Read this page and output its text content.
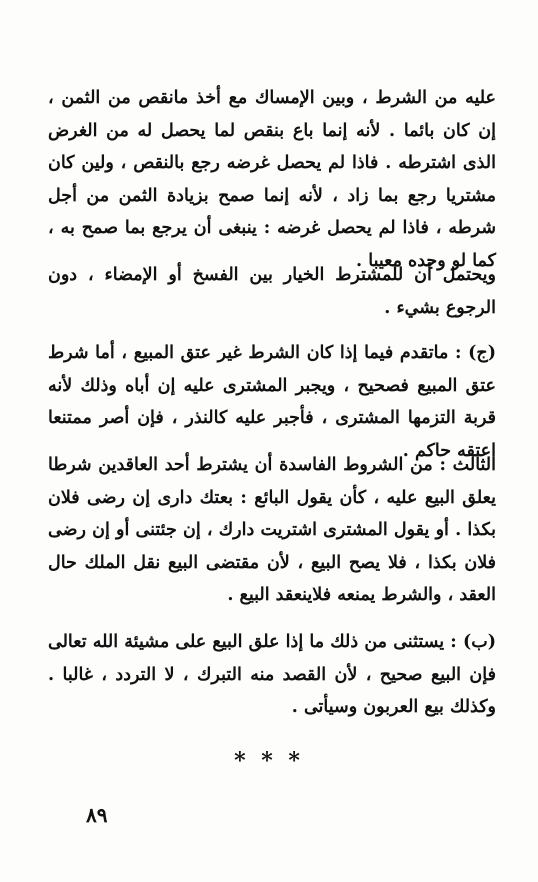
عليه من الشرط ، وبين الإمساك مع أخذ مانقص من الثمن ، إن كان بائما . لأنه إنما باع بنقص لما يحصل له من الغرض الذى اشترطه . فاذا لم يحصل غرضه رجع بالنقص ، ولين كان مشتريا رجع بما زاد ، لأنه إنما صمح بزيادة الثمن من أجل شرطه ، فاذا لم يحصل غرضه : ينبغى أن يرجع بما صمح به ، كما لو وجده معيبا .

ويحتمل أن للمشترط الخيار بين الفسخ أو الإمضاء ، دون الرجوع بشيء .

(ج) : ماتقدم فيما إذا كان الشرط غير عتق المبيع ، أما شرط عتق المبيع فصحيح ، ويجبر المشترى عليه إن أباه وذلك لأنه قربة التزمها المشترى ، فأجبر عليه كالنذر ، فإن أصر ممتنعا اعتقه حاكم .

الثالث : من الشروط الفاسدة أن يشترط أحد العاقدين شرطا يعلق البيع عليه ، كأن يقول البائع : بعتك دارى إن رضى فلان بكذا . أو يقول المشترى اشتريت دارك ، إن جئتنى أو إن رضى فلان بكذا ، فلا يصح البيع ، لأن مقتضى البيع نقل الملك حال العقد ، والشرط يمنعه فلاينعقد البيع .

(ب) : يستثنى من ذلك ما إذا علق البيع على مشيئة الله تعالى فإن البيع صحيح ، لأن القصد منه التبرك ، لا التردد ، غالبا . وكذلك بيع العربون وسيأتى .

* * *
٨٩
